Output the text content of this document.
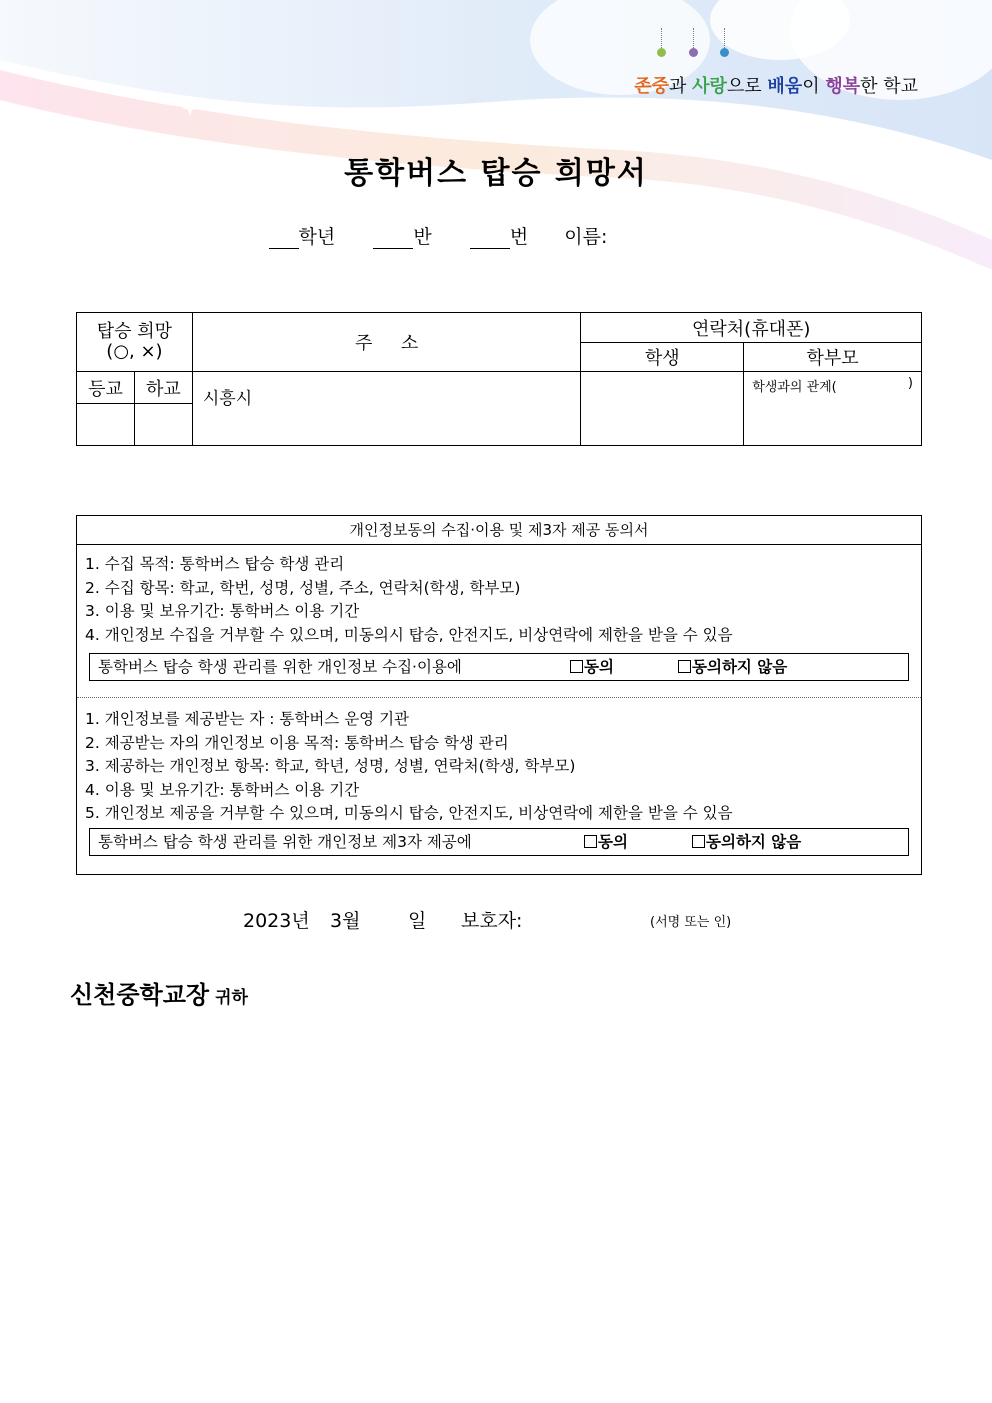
존중과 사랑으로 배움이 행복한 학교
통학버스 탑승 희망서
학년	반	번 이름:
탑승 희망
(○, ×)		주     소	연락처(휴대폰)	
			학생	학부모
등교	하교	시흥시		학생과의 관계( )

개인정보동의 수집·이용 및 제3자 제공 동의서
1. 수집 목적: 통학버스 탑승 학생 관리
2. 수집 항목: 학교, 학번, 성명, 성별, 주소, 연락처(학생, 학부모)
3. 이용 및 보유기간: 통학버스 이용 기간
4. 개인정보 수집을 거부할 수 있으며, 미동의시 탑승, 안전지도, 비상연락에 제한을 받을 수 있음
통학버스 탑승 학생 관리를 위한 개인정보 수집·이용에	동의	동의하지 않음
1. 개인정보를 제공받는 자 : 통학버스 운영 기관
2. 제공받는 자의 개인정보 이용 목적: 통학버스 탑승 학생 관리
3. 제공하는 개인정보 항목: 학교, 학년, 성명, 성별, 연락처(학생, 학부모)
4. 이용 및 보유기간: 통학버스 이용 기간
5. 개인정보 제공을 거부할 수 있으며, 미동의시 탑승, 안전지도, 비상연락에 제한을 받을 수 있음
통학버스 탑승 학생 관리를 위한 개인정보 제3자 제공에	동의	동의하지 않음
2023년 3월	일 보호자:	(서명 또는 인)
신천중학교장 귀하
